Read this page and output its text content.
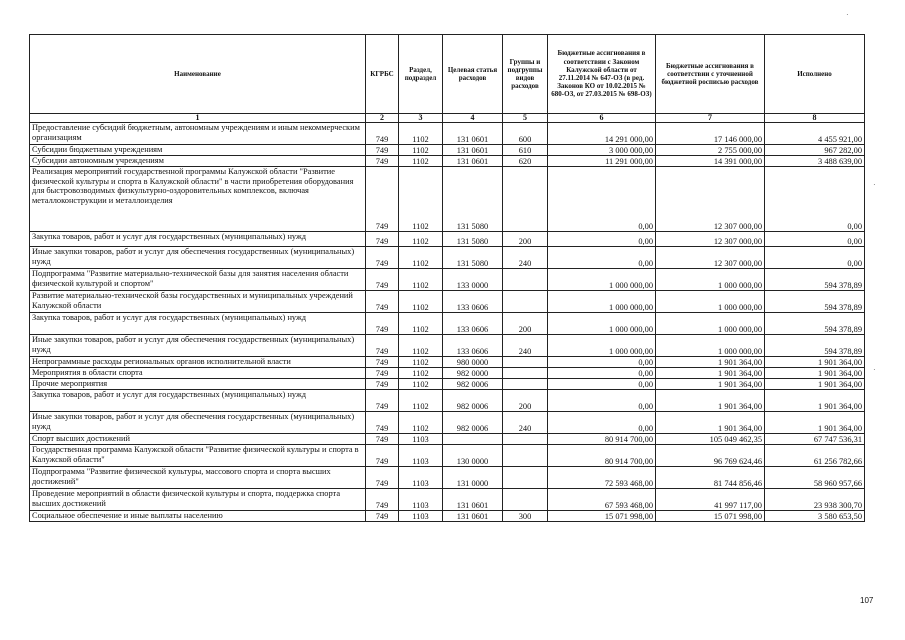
Наименование	КГРБС	Раздел, подраздел	Целевая статья расходов	Группы и подгруппы видов расходов	Бюджетные ассигнования в соответствии с Законом Калужской области от 27.11.2014 № 647-ОЗ (в ред. Законов КО от 10.02.2015 № 680-ОЗ, от 27.03.2015 № 698-ОЗ)	Бюджетные ассигнования в соответствии с уточненной бюджетной росписью расходов	Исполнено
1	2	3	4	5	6	7	8
Предоставление субсидий бюджетным, автономным учреждениям и иным некоммерческим организациям	749	1102	131 0601	600	14 291 000,00	17 146 000,00	4 455 921,00
Субсидии бюджетным учреждениям	749	1102	131 0601	610	3 000 000,00	2 755 000,00	967 282,00
Субсидии автономным учреждениям	749	1102	131 0601	620	11 291 000,00	14 391 000,00	3 488 639,00
Реализация мероприятий государственной программы Калужской области "Развитие физической культуры и спорта в Калужской области" в части приобретения оборудования для быстровозводимых физкультурно-оздоровительных комплексов, включая металлоконструкции и металлоизделия	749	1102	131 5080		0,00	12 307 000,00	0,00
Закупка товаров, работ и услуг для государственных (муниципальных) нужд	749	1102	131 5080	200	0,00	12 307 000,00	0,00
Иные закупки товаров, работ и услуг для обеспечения государственных (муниципальных) нужд	749	1102	131 5080	240	0,00	12 307 000,00	0,00
Подпрограмма "Развитие материально-технической базы для занятия населения области физической культурой и спортом"	749	1102	133 0000		1 000 000,00	1 000 000,00	594 378,89
Развитие материально-технической базы государственных и муниципальных учреждений Калужской области	749	1102	133 0606		1 000 000,00	1 000 000,00	594 378,89
Закупка товаров, работ и услуг для государственных (муниципальных) нужд	749	1102	133 0606	200	1 000 000,00	1 000 000,00	594 378,89
Иные закупки товаров, работ и услуг для обеспечения государственных (муниципальных) нужд	749	1102	133 0606	240	1 000 000,00	1 000 000,00	594 378,89
Непрограммные расходы региональных органов исполнительной власти	749	1102	980 0000		0,00	1 901 364,00	1 901 364,00
Мероприятия в области спорта	749	1102	982 0000		0,00	1 901 364,00	1 901 364,00
Прочие мероприятия	749	1102	982 0006		0,00	1 901 364,00	1 901 364,00
Закупка товаров, работ и услуг для государственных (муниципальных) нужд	749	1102	982 0006	200	0,00	1 901 364,00	1 901 364,00
Иные закупки товаров, работ и услуг для обеспечения государственных (муниципальных) нужд	749	1102	982 0006	240	0,00	1 901 364,00	1 901 364,00
Спорт высших достижений	749	1103			80 914 700,00	105 049 462,35	67 747 536,31
Государственная программа Калужской области "Развитие физической культуры и спорта в Калужской области"	749	1103	130 0000		80 914 700,00	96 769 624,46	61 256 782,66
Подпрограмма "Развитие физической культуры, массового спорта и спорта высших достижений"	749	1103	131 0000		72 593 468,00	81 744 856,46	58 960 957,66
Проведение мероприятий в области физической культуры и спорта, поддержка спорта высших достижений	749	1103	131 0601		67 593 468,00	41 997 117,00	23 938 300,70
Социальное обеспечение и иные выплаты населению	749	1103	131 0601	300	15 071 998,00	15 071 998,00	3 580 653,50
107
·
·
·
